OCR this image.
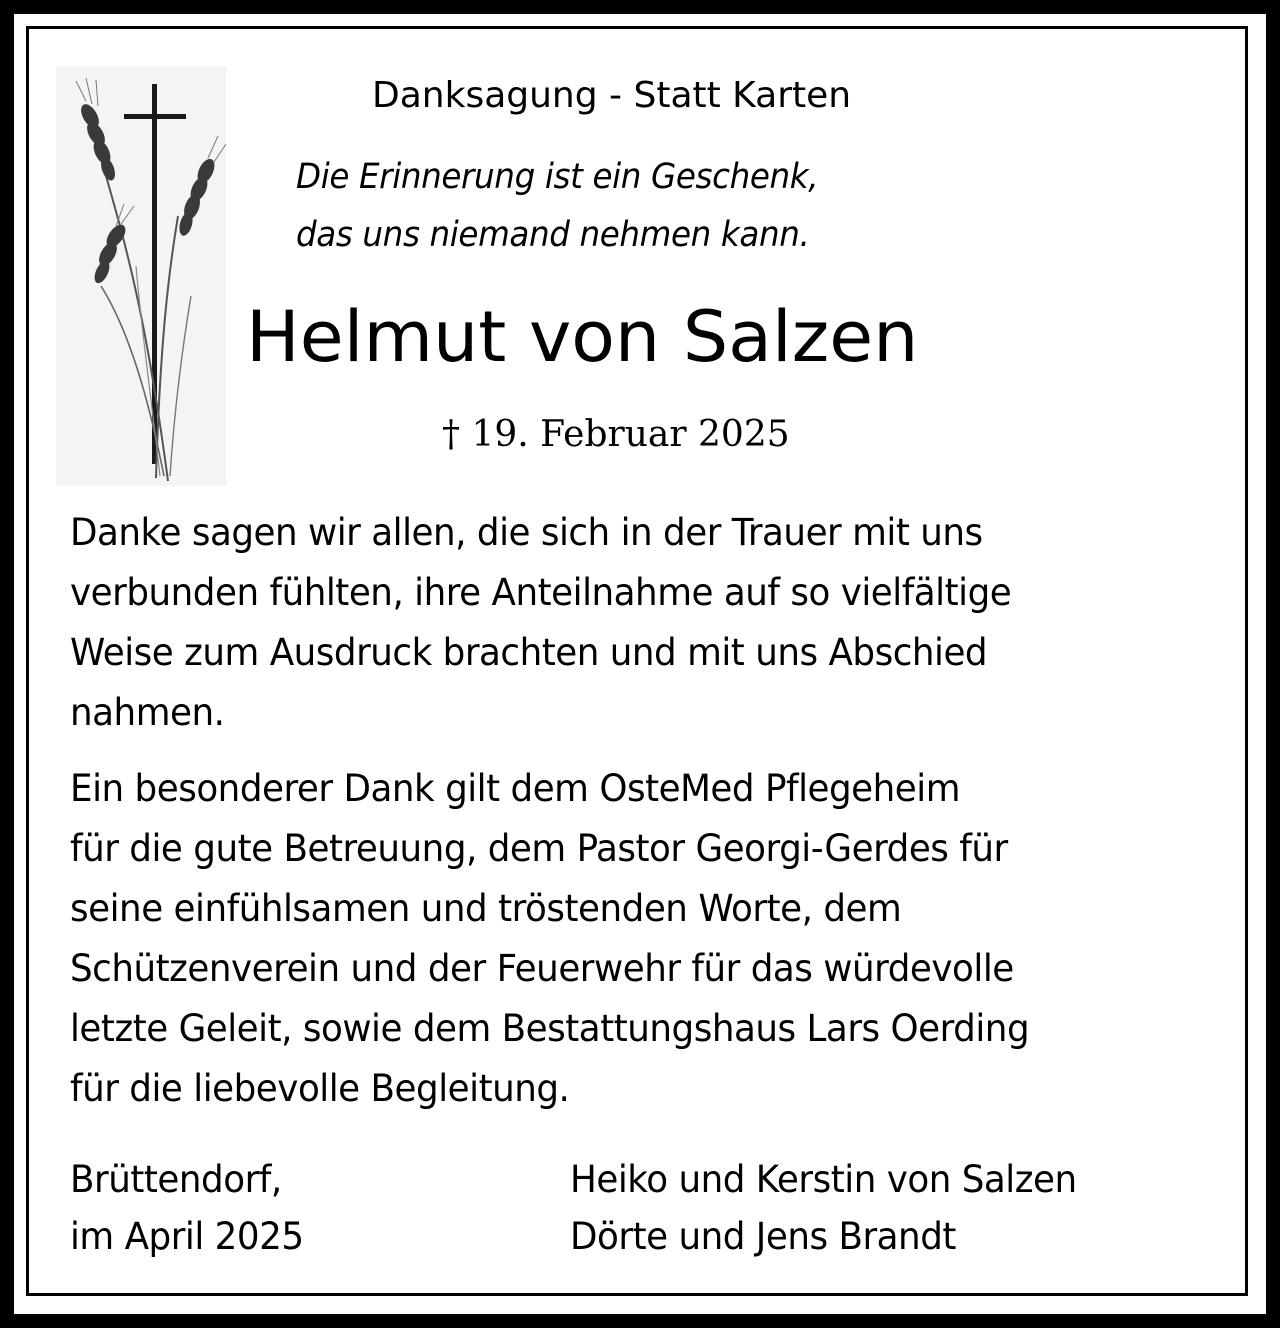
Danksagung - Statt Karten

Die Erinnerung ist ein Geschenk,
das uns niemand nehmen kann.

Helmut von Salzen

† 19. Februar 2025

Danke sagen wir allen, die sich in der Trauer mit uns
verbunden fühlten, ihre Anteilnahme auf so vielfältige
Weise zum Ausdruck brachten und mit uns Abschied
nahmen.
Ein besonderer Dank gilt dem OsteMed Pflegeheim
für die gute Betreuung, dem Pastor Georgi-Gerdes für
seine einfühlsamen und tröstenden Worte, dem
Schützenverein und der Feuerwehr für das würdevolle
letzte Geleit, sowie dem Bestattungshaus Lars Oerding
für die liebevolle Begleitung.
Brüttendorf,
im April 2025
Heiko und Kerstin von Salzen
Dörte und Jens Brandt
